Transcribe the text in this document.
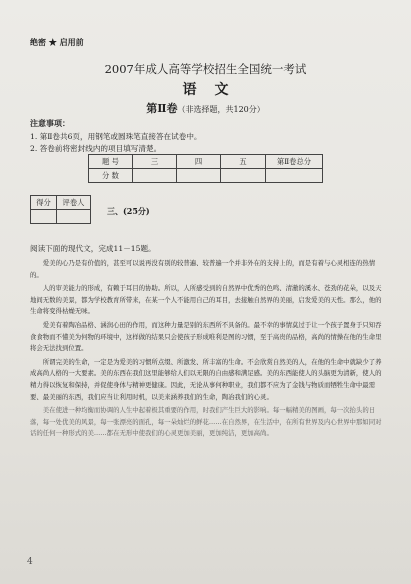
绝密 ★ 启用前
2007年成人高等学校招生全国统一考试
语文
第Ⅱ卷（非选择题，共120分）
注意事项：
1. 第Ⅱ卷共6页，用钢笔或圆珠笔直接答在试卷中。
2. 答卷前将密封线内的项目填写清楚。
题 号	三	四	五	第Ⅱ卷总分
分 数				
得分	评卷人

三、(25分)
阅读下面的现代文，完成11－15题。

爱美的心乃是有价值的，甚至可以说再没有别的较普遍、较普遍一个并非外在的支持上的，而是有着与心灵相连的热情的。

人的审美能力的形成，有赖于耳目的协助。所以，人所感受到的自然界中优秀的色鸣、清澈的溪水、苍劲的花朵，以及天地间无数的美景，都为学校教育所带来，在某一个人不能用自己的耳目，去接触自然界的美丽，启发爱美的天性。那么，他的生命将变得枯燥无味。

爱美有着陶冶品格、涵润心田的作用，而这种力量是别的东西所不具备的。最不幸的事情莫过于让一个孩子置身于只知吞食食物而不懂美为何物的环境中，这样做的结果只会使孩子形成唯利是图的习惯，至于高贵的品格，高尚的情操在他的生命里将会无法找到位置。

所谓完美的生命，一定是为爱美的习惯所点缀、所激发、所丰富的生命。不会欣赏自然美的人，在他的生命中就缺少了养成高尚人格的一大要素。美的东西在我们这里能够给人们以无限的自由感和满足感。美的东西能使人的头脑更为清新，使人的精力得以恢复和保持，并促使身体与精神更健康。因此，无论从事何种职业，我们都不应为了金钱与物质而牺牲生命中最需要、最美丽的东西，我们应当让利用时机，以美来涵养我们的生命，陶冶我们的心灵。

美在使进一种均衡而协调的人生中起着极其重要的作用，时我们产生巨大的影响。每一幅精美的图画，每一次抬头的日落，每一处优美的风景，每一张漂亮的面孔，每一朵灿烂的鲜花……在自然界，在生活中，在所有世界及内心世界中那如同对话的任何一种形式的美……都在无形中使我们的心灵更加美丽，更加纯洁，更加高尚。

4
